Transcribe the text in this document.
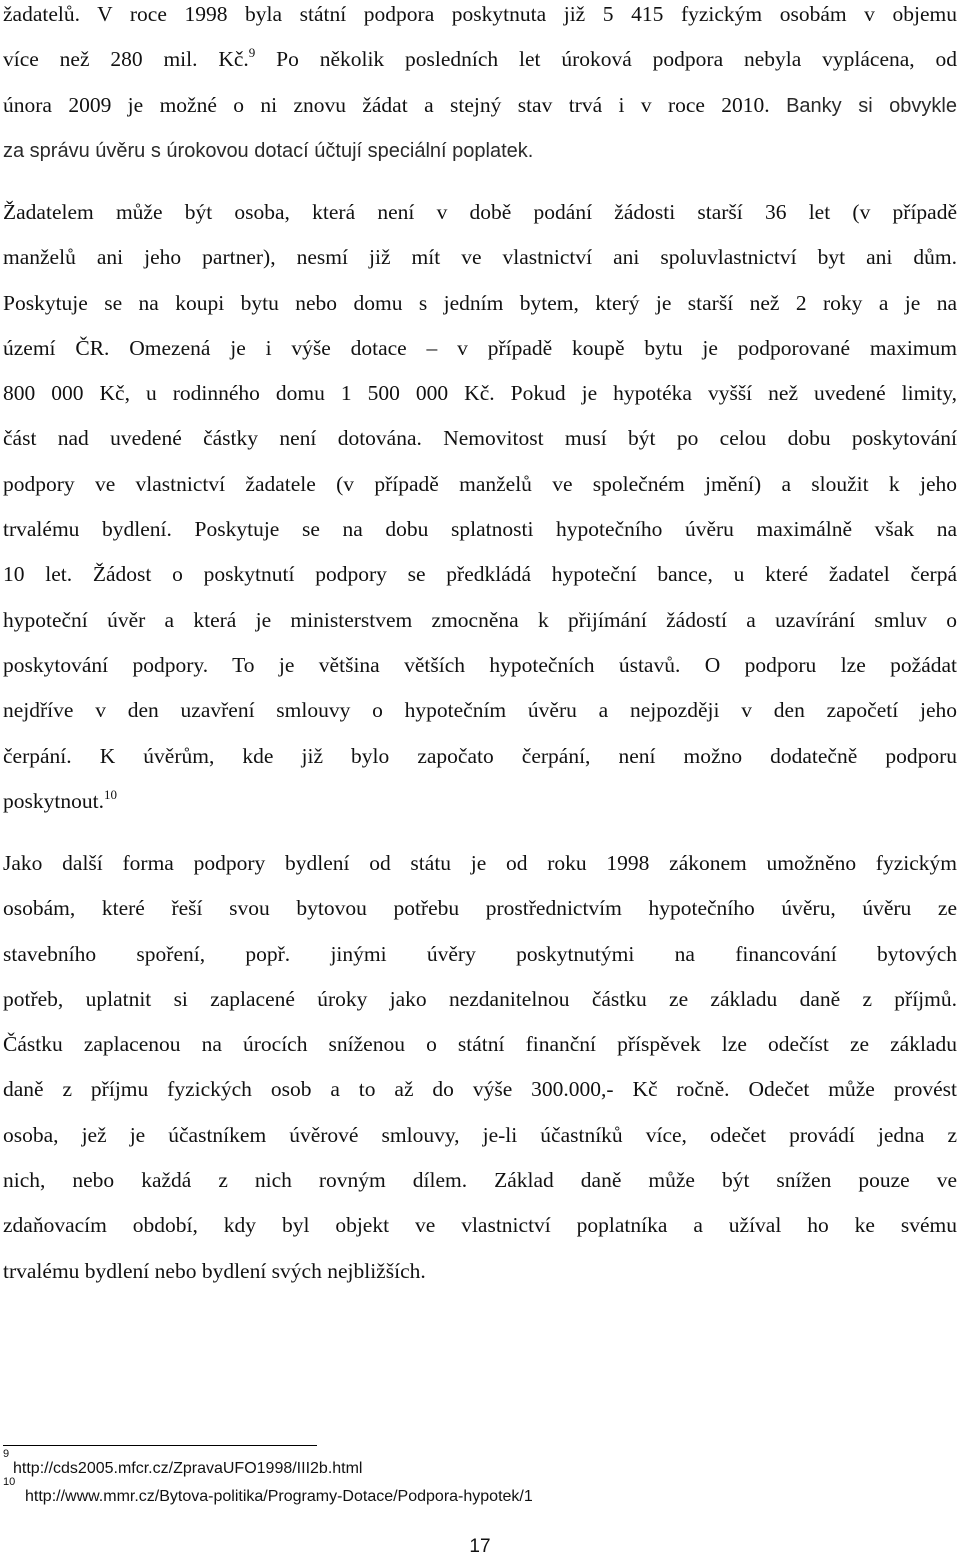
žadatelů. V roce 1998 byla státní podpora poskytnuta již 5 415 fyzickým osobám v objemu
více než 280 mil. Kč.$^9$ Po několik posledních let úroková podpora nebyla vyplácena, od
února 2009 je možné o ni znovu žádat a stejný stav trvá i v roce 2010. Banky si obvykle
za správu úvěru s úrokovou dotací účtují speciální poplatek.
Žadatelem může být osoba, která není v době podání žádosti starší 36 let (v případě
manželů ani jeho partner), nesmí již mít ve vlastnictví ani spoluvlastnictví byt ani dům.
Poskytuje se na koupi bytu nebo domu s jedním bytem, který je starší než 2 roky a je na
území ČR. Omezená je i výše dotace – v případě koupě bytu je podporované maximum
800 000 Kč, u rodinného domu 1 500 000 Kč. Pokud je hypotéka vyšší než uvedené limity,
část nad uvedené částky není dotována. Nemovitost musí být po celou dobu poskytování
podpory ve vlastnictví žadatele (v případě manželů ve společném jmění) a sloužit k jeho
trvalému bydlení. Poskytuje se na dobu splatnosti hypotečního úvěru maximálně však na
10 let. Žádost o poskytnutí podpory se předkládá hypoteční bance, u které žadatel čerpá
hypoteční úvěr a která je ministerstvem zmocněna k přijímání žádostí a uzavírání smluv o
poskytování podpory. To je většina větších hypotečních ústavů. O podporu lze požádat
nejdříve v den uzavření smlouvy o hypotečním úvěru a nejpozději v den započetí jeho
čerpání. K úvěrům, kde již bylo započato čerpání, není možno dodatečně podporu
poskytnout.$^{10}$
Jako další forma podpory bydlení od státu je od roku 1998 zákonem umožněno fyzickým
osobám, které řeší svou bytovou potřebu prostřednictvím hypotečního úvěru, úvěru ze
stavebního spoření, popř. jinými úvěry poskytnutými na financování bytových
potřeb, uplatnit si zaplacené úroky jako nezdanitelnou částku ze základu daně z příjmů.
Částku zaplacenou na úrocích sníženou o státní finanční příspěvek lze odečíst ze základu
daně z příjmu fyzických osob a to až do výše 300.000,- Kč ročně. Odečet může provést
osoba, jež je účastníkem úvěrové smlouvy, je-li účastníků více, odečet provádí jedna z
nich, nebo každá z nich rovným dílem. Základ daně může být snížen pouze ve
zdaňovacím období, kdy byl objekt ve vlastnictví poplatníka a užíval ho ke svému
trvalému bydlení nebo bydlení svých nejbližších.
9
http://cds2005.mfcr.cz/ZpravaUFO1998/III2b.html
10
http://www.mmr.cz/Bytova-politika/Programy-Dotace/Podpora-hypotek/1
17
